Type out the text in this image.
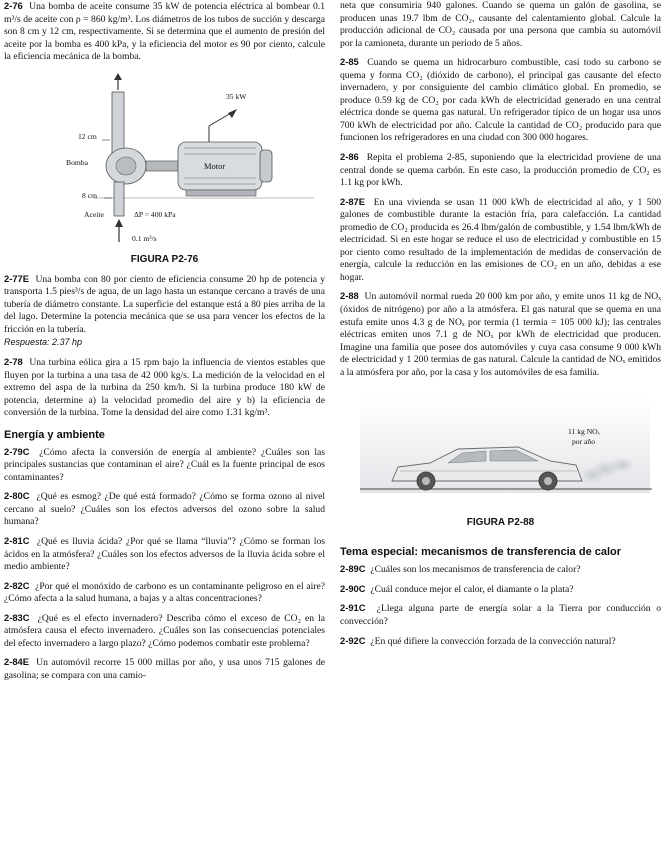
2-76 Una bomba de aceite consume 35 kW de potencia eléctrica al bombear 0.1 m³/s de aceite con ρ = 860 kg/m³. Los diámetros de los tubos de succión y descarga son 8 cm y 12 cm, respectivamente. Si se determina que el aumento de presión del aceite por la bomba es 400 kPa, y la eficiencia del motor es 90 por ciento, calcule la eficiencia mecánica de la bomba.

35 kW
12 cm
Bomba	Motor
8 cm
Aceite	ΔP = 400 kPa
0.1 m³/s
FIGURA P2-76

2-77E Una bomba con 80 por ciento de eficiencia consume 20 hp de potencia y transporta 1.5 pies³/s de agua, de un lago hasta un estanque cercano a través de una tubería de diámetro constante. La superficie del estanque está a 80 pies arriba de la del lago. Determine la potencia mecánica que se usa para vencer los efectos de la fricción en la tubería.
Respuesta: 2.37 hp

2-78 Una turbina eólica gira a 15 rpm bajo la influencia de vientos estables que fluyen por la turbina a una tasa de 42 000 kg/s. La medición de la velocidad en el extremo del aspa de la turbina da 250 km/h. Si la turbina produce 180 kW de potencia, determine a) la velocidad promedio del aire y b) la eficiencia de conversión de la turbina. Tome la densidad del aire como 1.31 kg/m³.

Energía y ambiente

2-79C ¿Cómo afecta la conversión de energía al ambiente? ¿Cuáles son las principales sustancias que contaminan el aire? ¿Cuál es la fuente principal de esos contaminantes?

2-80C ¿Qué es esmog? ¿De qué está formado? ¿Cómo se forma ozono al nivel cercano al suelo? ¿Cuáles son los efectos adversos del ozono sobre la salud humana?

2-81C ¿Qué es lluvia ácida? ¿Por qué se llama “lluvia”? ¿Cómo se forman los ácidos en la atmósfera? ¿Cuáles son los efectos adversos de la lluvia ácida sobre el medio ambiente?

2-82C ¿Por qué el monóxido de carbono es un contaminante peligroso en el aire? ¿Cómo afecta a la salud humana, a bajas y a altas concentraciones?

2-83C ¿Qué es el efecto invernadero? Describa cómo el exceso de CO₂ en la atmósfera causa el efecto invernadero. ¿Cuáles son las consecuencias potenciales del efecto invernadero a largo plazo? ¿Cómo podemos combatir este problema?

2-84E Un automóvil recorre 15 000 millas por año, y usa unos 715 galones de gasolina; se compara con una camio-

neta que consumiría 940 galones. Cuando se quema un galón de gasolina, se producen unas 19.7 lbm de CO₂, causante del calentamiento global. Calcule la producción adicional de CO₂ causada por una persona que cambia su automóvil por la camioneta, durante un periodo de 5 años.

2-85 Cuando se quema un hidrocarburo combustible, casi todo su carbono se quema y forma CO₂ (dióxido de carbono), el principal gas causante del efecto invernadero, y por consiguiente del cambio climático global. En promedio, se produce 0.59 kg de CO₂ por cada kWh de electricidad generado en una central eléctrica donde se quema gas natural. Un refrigerador típico de un hogar usa unos 700 kWh de electricidad por año. Calcule la cantidad de CO₂ producido para que funcionen los refrigeradores en una ciudad con 300 000 hogares.

2-86 Repita el problema 2-85, suponiendo que la electricidad proviene de una central donde se quema carbón. En este caso, la producción promedio de CO₂ es 1.1 kg por kWh.

2-87E En una vivienda se usan 11 000 kWh de electricidad al año, y 1 500 galones de combustible durante la estación fría, para calefacción. La cantidad promedio de CO₂ producida es 26.4 lbm/galón de combustible, y 1.54 lbm/kWh de electricidad. Si en este hogar se reduce el uso de electricidad y combustible en 15 por ciento como resultado de la implementación de medidas de conservación de energía, calcule la reducción en las emisiones de CO₂ en un año, debidas a ese hogar.

2-88 Un automóvil normal rueda 20 000 km por año, y emite unos 11 kg de NOₓ (óxidos de nitrógeno) por año a la atmósfera. El gas natural que se quema en una estufa emite unos 4.3 g de NOₓ por termia (1 termia = 105 000 kJ); las centrales eléctricas emiten unos 7.1 g de NOₓ por kWh de electricidad que producen. Imagine una familia que posee dos automóviles y cuya casa consume 9 000 kWh de electricidad y 1 200 termias de gas natural. Calcule la cantidad de NOₓ emitidos a la atmósfera por año, por la casa y los automóviles de esa familia.

11 kg NOₓ
por año
FIGURA P2-88
Tema especial: mecanismos de transferencia de calor

2-89C ¿Cuáles son los mecanismos de transferencia de calor?

2-90C ¿Cuál conduce mejor el calor, el diamante o la plata?

2-91C ¿Llega alguna parte de energía solar a la Tierra por conducción o convección?

2-92C ¿En qué difiere la convección forzada de la convección natural?
